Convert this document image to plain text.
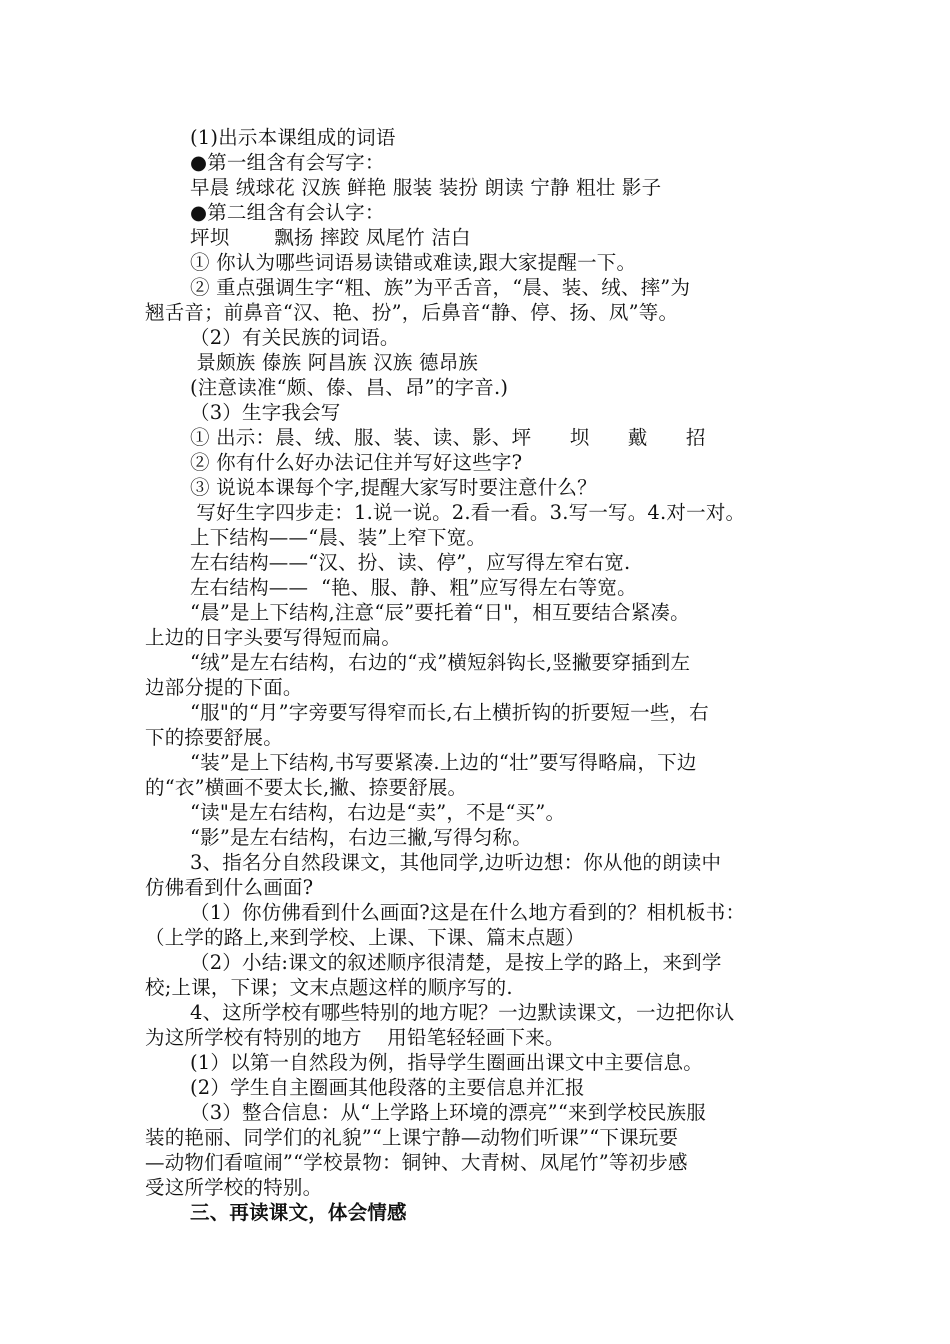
(1)出示本课组成的词语
●第一组含有会写字：
早晨 绒球花 汉族 鲜艳 服装 装扮 朗读 宁静 粗壮 影子
●第二组含有会认字：
坪坝       飘扬 摔跤 凤尾竹 洁白
① 你认为哪些词语易读错或难读,跟大家提醒一下。
② 重点强调生字“粗、族”为平舌音，“晨、装、绒、摔”为
翘舌音；前鼻音“汉、艳、扮”，后鼻音“静、停、扬、凤”等。
（2）有关民族的词语。
景颇族 傣族 阿昌族 汉族 德昂族
(注意读准“颇、傣、昌、昂”的字音.)
（3）生字我会写
① 出示：晨、绒、服、装、读、影、坪      坝      戴      招
② 你有什么好办法记住并写好这些字?
③ 说说本课每个字,提醒大家写时要注意什么？
写好生字四步走：1.说一说。2.看一看。3.写一写。4.对一对。
上下结构——“晨、装”上窄下宽。
左右结构——“汉、扮、读、停”，应写得左窄右宽.
左右结构——  “艳、服、静、粗”应写得左右等宽。
“晨”是上下结构,注意“辰”要托着“日"，相互要结合紧凑。
上边的日字头要写得短而扁。
“绒”是左右结构，右边的“戎”横短斜钩长,竖撇要穿插到左
边部分提的下面。
“服"的“月”字旁要写得窄而长,右上横折钩的折要短一些，右
下的捺要舒展。
“装”是上下结构,书写要紧凑.上边的“壮”要写得略扁，下边
的“衣”横画不要太长,撇、捺要舒展。
“读"是左右结构，右边是“卖”，不是“买”。
“影”是左右结构，右边三撇,写得匀称。
3、指名分自然段课文，其他同学,边听边想：你从他的朗读中
仿佛看到什么画面?
（1）你仿佛看到什么画面?这是在什么地方看到的？相机板书：
（上学的路上,来到学校、上课、下课、篇末点题）
（2）小结:课文的叙述顺序很清楚，是按上学的路上，来到学
校;上课，下课；文末点题这样的顺序写的.
4、这所学校有哪些特别的地方呢？一边默读课文，一边把你认
为这所学校有特别的地方    用铅笔轻轻画下来。
(1）以第一自然段为例，指导学生圈画出课文中主要信息。
(2）学生自主圈画其他段落的主要信息并汇报
（3）整合信息：从“上学路上环境的漂亮”“来到学校民族服
装的艳丽、同学们的礼貌”“上课宁静—动物们听课”“下课玩要
—动物们看喧闹”“学校景物：铜钟、大青树、凤尾竹”等初步感
受这所学校的特别。
三、再读课文，体会情感
